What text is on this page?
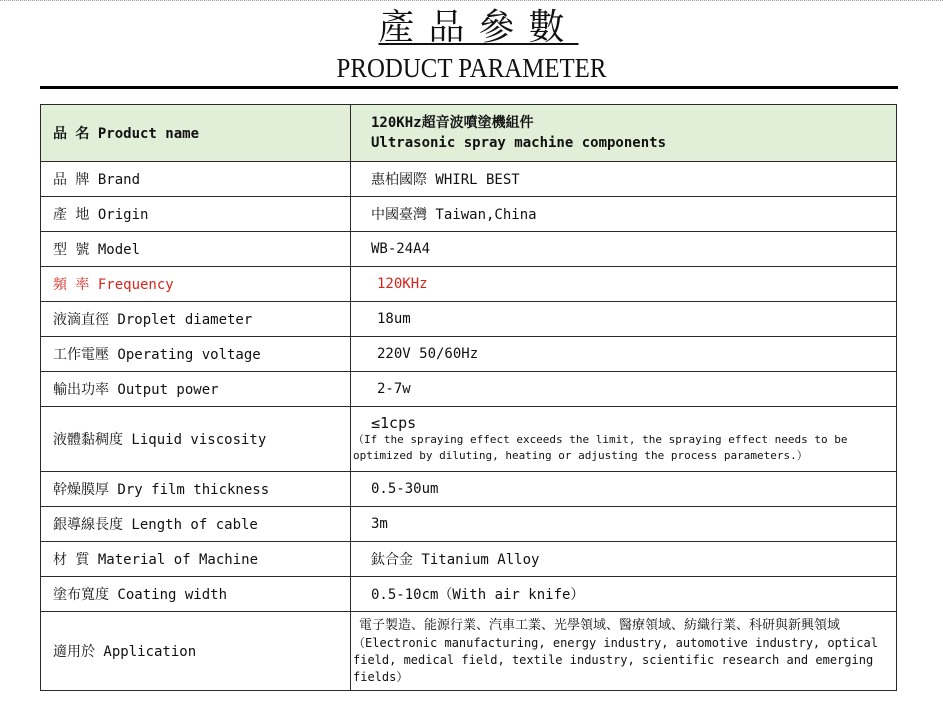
產品參數
PRODUCT PARAMETER
品 名 Product name	120KHz超音波噴塗機組件
Ultrasonic spray machine components

品 牌 Brand	惠柏國際 WHIRL BEST
產 地 Origin	中國臺灣 Taiwan,China
型 號 Model	WB-24A4
頻 率 Frequency	120KHz
液滴直徑 Droplet diameter	18um
工作電壓 Operating voltage	220V 50/60Hz
輸出功率 Output power	2-7w
液體黏稠度 Liquid viscosity	≤1cps
（If the spraying effect exceeds the limit, the spraying effect needs to be optimized by diluting, heating or adjusting the process parameters.）

幹燥膜厚 Dry film thickness	0.5-30um
銀導線長度 Length of cable	3m
材 質 Material of Machine	鈦合金 Titanium Alloy
塗布寬度 Coating width	0.5-10cm（With air knife）
適用於 Application	電子製造、能源行業、汽車工業、光學領域、醫療領域、紡織行業、科研與新興領域
（Electronic manufacturing, energy industry, automotive industry, optical field, medical field, textile industry, scientific research and emerging fields）
